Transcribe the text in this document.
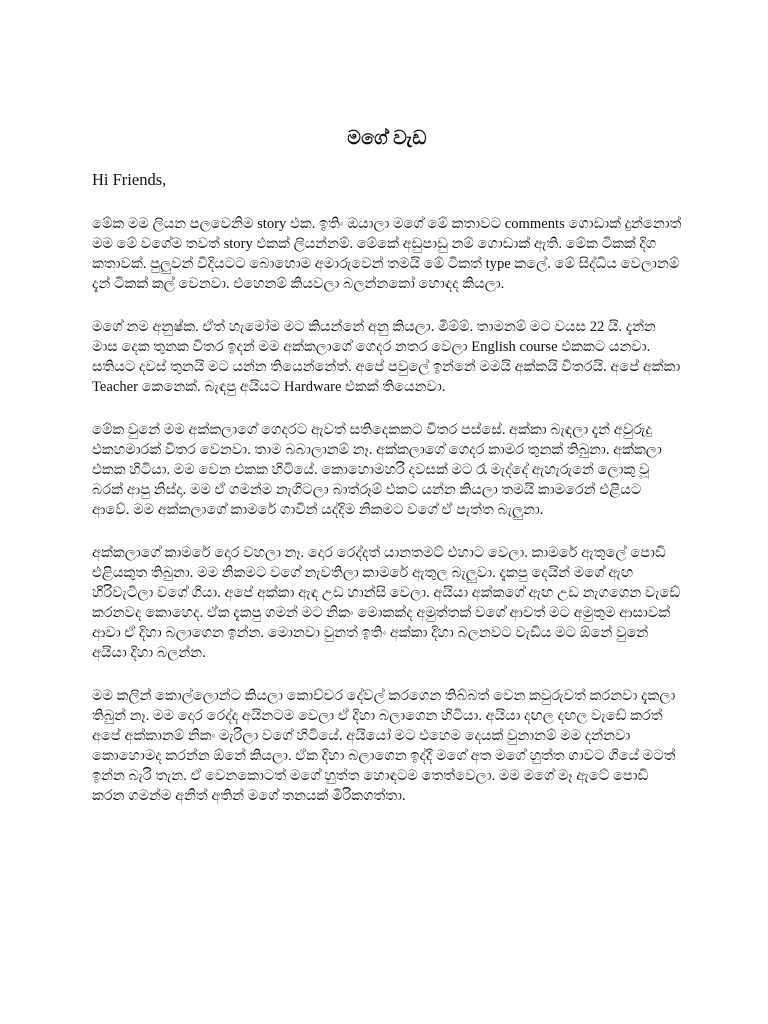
මගේ වැඩ

Hi Friends,

මේක මම ලියන පලවෙනිම story එක. ඉතිං ඔයාලා මගේ මේ කතාවට comments ගොඩාක් දුන්නොත් මම මේ වගේම තවත් story එකක් ලියන්නම්. මේකේ අඩුපාඩු නම් ගොඩාක් ඇති. මේක ටිකක් දිග කතාවක්. පුලුවන් විදියටට බොහොම අමාරුවෙන් තමයි මේ ටිකත් type කලේ. මේ සිද්ධිය වෙලානම් දැන් ටිකක් කල් වෙනවා. එහෙනම් කියවලා බලන්නකෝ හොඳද කියලා.

මගේ නම අනුෂ්ක. ඒත් හැමෝම මට කියන්නේ අනු කියලා. මිම්ම්. තාමනම් මට වයස 22 යි. දැන්න මාස දෙක තුනක විතර ඉදන් මම අක්කලාගේ ගෙදර නතර වෙලා English course එකකට යනවා. සතියට දවස් තුනයි මට යන්න තියෙන්නේත්. අපේ පවුලේ ඉන්නේ මමයි අක්කයි විතරයි. අපේ අක්කා Teacher කෙනෙක්. බැඳපු අයියට Hardware එකක් තියෙනවා.

මේක වුනේ මම අක්කලාගේ ගෙදරට ඇවත් සතිදෙකකට විතර පස්සේ. අක්කා බැඳලා දැන් අවුරුදු එකහමාරක් විතර වෙනවා. තාම බබාලානම් නෑ. අක්කලාගේ ගෙදර කාමර තුනක් තිබුනා. අක්කලා එකක හිටියා. මම වෙන එකක හිටියේ. කොහොමහරි දවසක් මට රෑ මැද්දේ ඇහැරුනේ ලොකු චූ බරක් ආපු නිස්දා. මම ඒ ගමන්ම නැගිටලා බාත්රූම් එකට යන්න කියලා තමයි කාමරෙන් එළියට ආවේ. මම අක්කලාගේ කාමරේ ගාවින් යද්දිම නිකමට වගේ ඒ පැත්ත බැලුනා.

අක්කලාගේ කාමරේ දොර වහලා නෑ. දොර රෙද්දත් යානතමට් එහාට වෙලා. කාමරේ ඇතුලේ පොඩි එළියකුත තිබුනා. මම නිකමට වගේ නැවතිලා කාමරේ ඇතුල බැලුවා. දැකපු දෙයින් මගේ ඇඟ හිරිවැටිලා වගේ ගියා. අපේ අක්කා ඇඳ උඩ හාන්සි වෙලා. අයියා අක්කගේ ඇඟ උඩ නැගගෙන වැඩේ කරනවද කොහෙද. ඒක දැකපු ගමන් මට නිකං මොකක්ද අමුත්තක් වගේ ආවත් මට අමුතුම ආසාවක් ආවා ඒ දිහා බලාගෙන ඉන්න. මොනවා වුනත් ඉතිං අක්කා දිහා බලනවට වැඩිය මට ඕනේ වුනේ අයියා දිහා බලන්න.

මම කලින් කොල්ලොන්ට කියලා කොච්චර දේවල් කරගෙන තිබ්බත් වෙන කවුරුවත් කරනවා දැකලා තිබුන් නෑ. මම දොර රෙද්ද අයිනටම වෙලා ඒ දිහා බලාගෙන හිටියා. අයියා දඟල දඟල වැඩේ කරත් අපේ අක්කානම් නිකං මැරිලා වගේ හිටියේ. අයියෝ මට එහෙම දෙයක් වුනානම් මම දන්නවා කොහොමද කරන්න ඕනේ කියලා. ඒක දිහා බලාගෙන ඉද්දී මගේ අත මගේ හුත්ත ගාවට ගියේ මටත් ඉන්න බැරි තැන. ඒ වෙනකොටත් මගේ හුත්ත හොඳටම තෙත්වෙලා. මම මගේ මෑ ඇටේ පොඩි කරන ගමන්ම අනිත් අතින් මගේ තනයක් මිරිකගත්තා.
